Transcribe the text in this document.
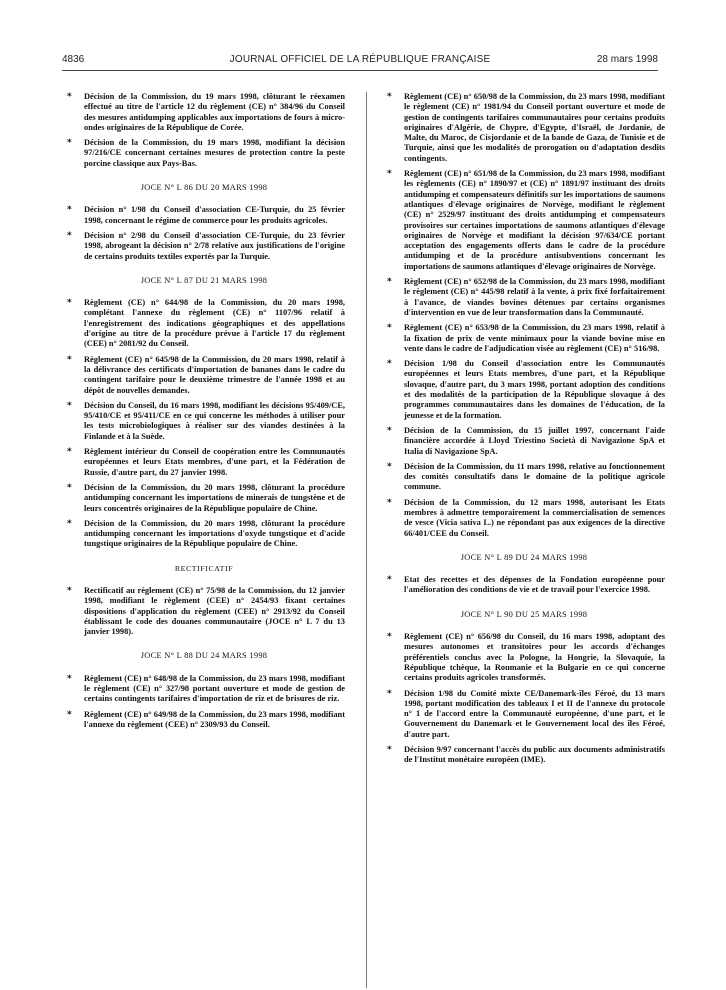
4836	JOURNAL OFFICIEL DE LA RÉPUBLIQUE FRANÇAISE	28 mars 1998
* Décision de la Commission, du 19 mars 1998, clôturant le réexamen effectué au titre de l'article 12 du règlement (CE) n° 384/96 du Conseil des mesures antidumping applicables aux importations de fours à micro-ondes originaires de la République de Corée.
* Décision de la Commission, du 19 mars 1998, modifiant la décision 97/216/CE concernant certaines mesures de protection contre la peste porcine classique aux Pays-Bas.
JOCE N° L 86 DU 20 MARS 1998
* Décision n° 1/98 du Conseil d'association CE-Turquie, du 25 février 1998, concernant le régime de commerce pour les produits agricoles.
* Décision n° 2/98 du Conseil d'association CE-Turquie, du 23 février 1998, abrogeant la décision n° 2/78 relative aux justifications de l'origine de certains produits textiles exportés par la Turquie.
JOCE N° L 87 DU 21 MARS 1998
* Règlement (CE) n° 644/98 de la Commission, du 20 mars 1998, complétant l'annexe du règlement (CE) n° 1107/96 relatif à l'enregistrement des indications géographiques et des appellations d'origine au titre de la procédure prévue à l'article 17 du règlement (CEE) n° 2081/92 du Conseil.
* Règlement (CE) n° 645/98 de la Commission, du 20 mars 1998, relatif à la délivrance des certificats d'importation de bananes dans le cadre du contingent tarifaire pour le deuxième trimestre de l'année 1998 et au dépôt de nouvelles demandes.
* Décision du Conseil, du 16 mars 1998, modifiant les décisions 95/409/CE, 95/410/CE et 95/411/CE en ce qui concerne les méthodes à utiliser pour les tests microbiologiques à réaliser sur des viandes destinées à la Finlande et à la Suède.
* Règlement intérieur du Conseil de coopération entre les Communautés européennes et leurs Etats membres, d'une part, et la Fédération de Russie, d'autre part, du 27 janvier 1998.
* Décision de la Commission, du 20 mars 1998, clôturant la procédure antidumping concernant les importations de minerais de tungstène et de leurs concentrés originaires de la République populaire de Chine.
* Décision de la Commission, du 20 mars 1998, clôturant la procédure antidumping concernant les importations d'oxyde tungstique et d'acide tungstique originaires de la République populaire de Chine.
RECTIFICATIF
* Rectificatif au règlement (CE) n° 75/98 de la Commission, du 12 janvier 1998, modifiant le règlement (CEE) n° 2454/93 fixant certaines dispositions d'application du règlement (CEE) n° 2913/92 du Conseil établissant le code des douanes communautaire (JOCE n° L 7 du 13 janvier 1998).
JOCE N° L 88 DU 24 MARS 1998
* Règlement (CE) n° 648/98 de la Commission, du 23 mars 1998, modifiant le règlement (CE) n° 327/98 portant ouverture et mode de gestion de certains contingents tarifaires d'importation de riz et de brisures de riz.
* Règlement (CE) n° 649/98 de la Commission, du 23 mars 1998, modifiant l'annexe du règlement (CEE) n° 2309/93 du Conseil.
* Règlement (CE) n° 650/98 de la Commission, du 23 mars 1998, modifiant le règlement (CE) n° 1981/94 du Conseil portant ouverture et mode de gestion de contingents tarifaires communautaires pour certains produits originaires d'Algérie, de Chypre, d'Egypte, d'Israël, de Jordanie, de Malte, du Maroc, de Cisjordanie et de la bande de Gaza, de Tunisie et de Turquie, ainsi que les modalités de prorogation ou d'adaptation desdits contingents.
* Règlement (CE) n° 651/98 de la Commission, du 23 mars 1998, modifiant les règlements (CE) n° 1890/97 et (CE) n° 1891/97 instituant des droits antidumping et compensateurs définitifs sur les importations de saumons atlantiques d'élevage originaires de Norvège, modifiant le règlement (CE) n° 2529/97 instituant des droits antidumping et compensateurs provisoires sur certaines importations de saumons atlantiques d'élevage originaires de Norvège et modifiant la décision 97/634/CE portant acceptation des engagements offerts dans le cadre de la procédure antidumping et de la procédure antisubventions concernant les importations de saumons atlantiques d'élevage originaires de Norvège.
* Règlement (CE) n° 652/98 de la Commission, du 23 mars 1998, modifiant le règlement (CE) n° 445/98 relatif à la vente, à prix fixé forfaitairement à l'avance, de viandes bovines détenues par certains organismes d'intervention en vue de leur transformation dans la Communauté.
* Règlement (CE) n° 653/98 de la Commission, du 23 mars 1998, relatif à la fixation de prix de vente minimaux pour la viande bovine mise en vente dans le cadre de l'adjudication visée au règlement (CE) n° 516/98.
* Décision 1/98 du Conseil d'association entre les Communautés européennes et leurs Etats membres, d'une part, et la République slovaque, d'autre part, du 3 mars 1998, portant adoption des conditions et des modalités de la participation de la République slovaque à des programmes communautaires dans les domaines de l'éducation, de la jeunesse et de la formation.
* Décision de la Commission, du 15 juillet 1997, concernant l'aide financière accordée à Lloyd Triestino Società di Navigazione SpA et Italia di Navigazione SpA.
* Décision de la Commission, du 11 mars 1998, relative au fonctionnement des comités consultatifs dans le domaine de la politique agricole commune.
* Décision de la Commission, du 12 mars 1998, autorisant les Etats membres à admettre temporairement la commercialisation de semences de vesce (Vicia sativa L.) ne répondant pas aux exigences de la directive 66/401/CEE du Conseil.
JOCE N° L 89 DU 24 MARS 1998
* Etat des recettes et des dépenses de la Fondation européenne pour l'amélioration des conditions de vie et de travail pour l'exercice 1998.
JOCE N° L 90 DU 25 MARS 1998
* Règlement (CE) n° 656/98 du Conseil, du 16 mars 1998, adoptant des mesures autonomes et transitoires pour les accords d'échanges préférentiels conclus avec la Pologne, la Hongrie, la Slovaquie, la République tchèque, la Roumanie et la Bulgarie en ce qui concerne certains produits agricoles transformés.
* Décision 1/98 du Comité mixte CE/Danemark-îles Féroé, du 13 mars 1998, portant modification des tableaux I et II de l'annexe du protocole n° 1 de l'accord entre la Communauté européenne, d'une part, et le Gouvernement du Danemark et le Gouvernement local des îles Féroé, d'autre part.
* Décision 9/97 concernant l'accès du public aux documents administratifs de l'Institut monétaire européen (IME).
